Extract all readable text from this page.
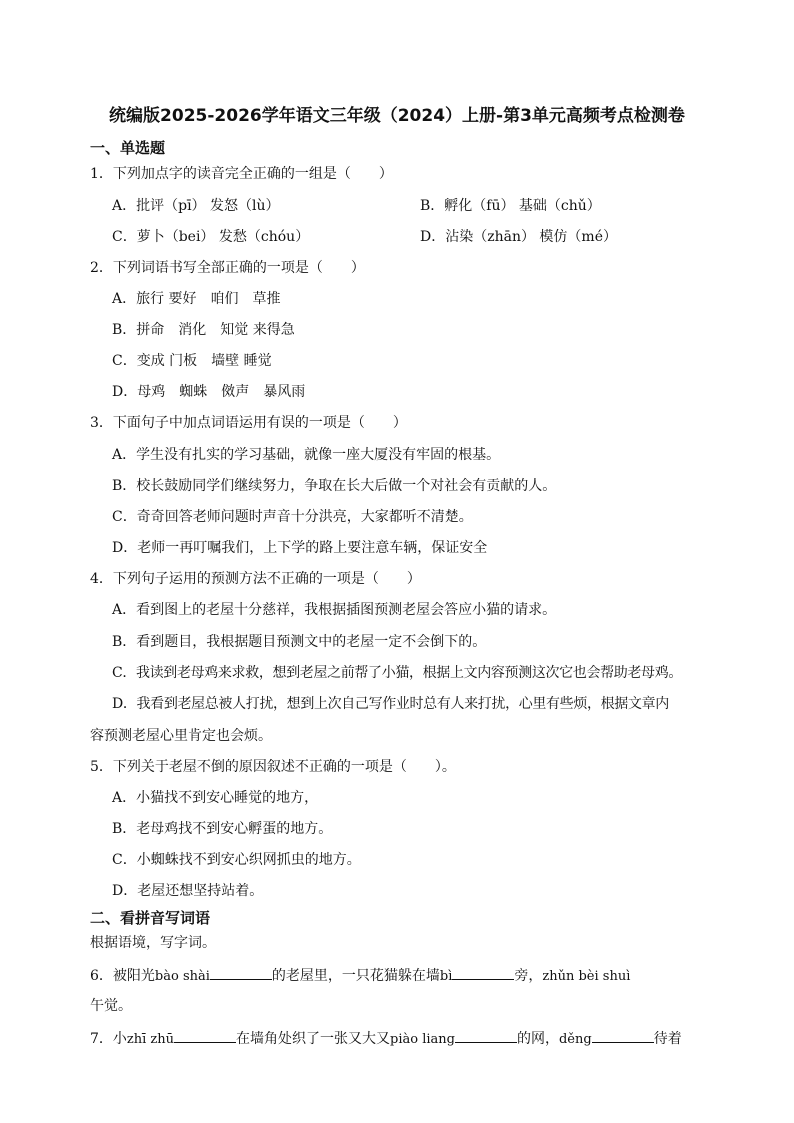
统编版2025-2026学年语文三年级（2024）上册-第3单元高频考点检测卷
一、单选题
1．下列加点字的读音完全正确的一组是（　　）
A．批评（pī） 发怒（lù）	B．孵化（fū） 基础（chǔ）
C．萝卜（bei） 发愁（chóu）	D．沾染（zhān） 模仿（mé）
2．下列词语书写全部正确的一项是（　　）
A．旅行 要好　咱们　草推
B．拼命　消化　知觉 来得急
C．变成 门板　墙壁 睡觉
D．母鸡　蜘蛛　傚声　暴风雨
3．下面句子中加点词语运用有误的一项是（　　）
A．学生没有扎实的学习基础，就像一座大厦没有牢固的根基。
B．校长鼓励同学们继续努力，争取在长大后做一个对社会有贡献的人。
C．奇奇回答老师问题时声音十分洪亮，大家都听不清楚。
D．老师一再叮嘱我们，上下学的路上要注意车辆，保证安全
4．下列句子运用的预测方法不正确的一项是（　　）
A．看到图上的老屋十分慈祥，我根据插图预测老屋会答应小猫的请求。
B．看到题目，我根据题目预测文中的老屋一定不会倒下的。
C．我读到老母鸡来求救，想到老屋之前帮了小猫，根据上文内容预测这次它也会帮助老母鸡。
D．我看到老屋总被人打扰，想到上次自己写作业时总有人来打扰，心里有些烦，根据文章内
容预测老屋心里肯定也会烦。
5．下列关于老屋不倒的原因叙述不正确的一项是（　　）。
A．小猫找不到安心睡觉的地方，
B．老母鸡找不到安心孵蛋的地方。
C．小蜘蛛找不到安心织网抓虫的地方。
D．老屋还想坚持站着。
二、看拼音写词语
根据语境，写字词。
6．被阳光bào shài	的老屋里，一只花猫躲在墙bì	旁，zhǔn bèi shuì
午觉。
7．小zhī zhū	在墙角处织了一张又大又piào liang	的网，děng	待着
